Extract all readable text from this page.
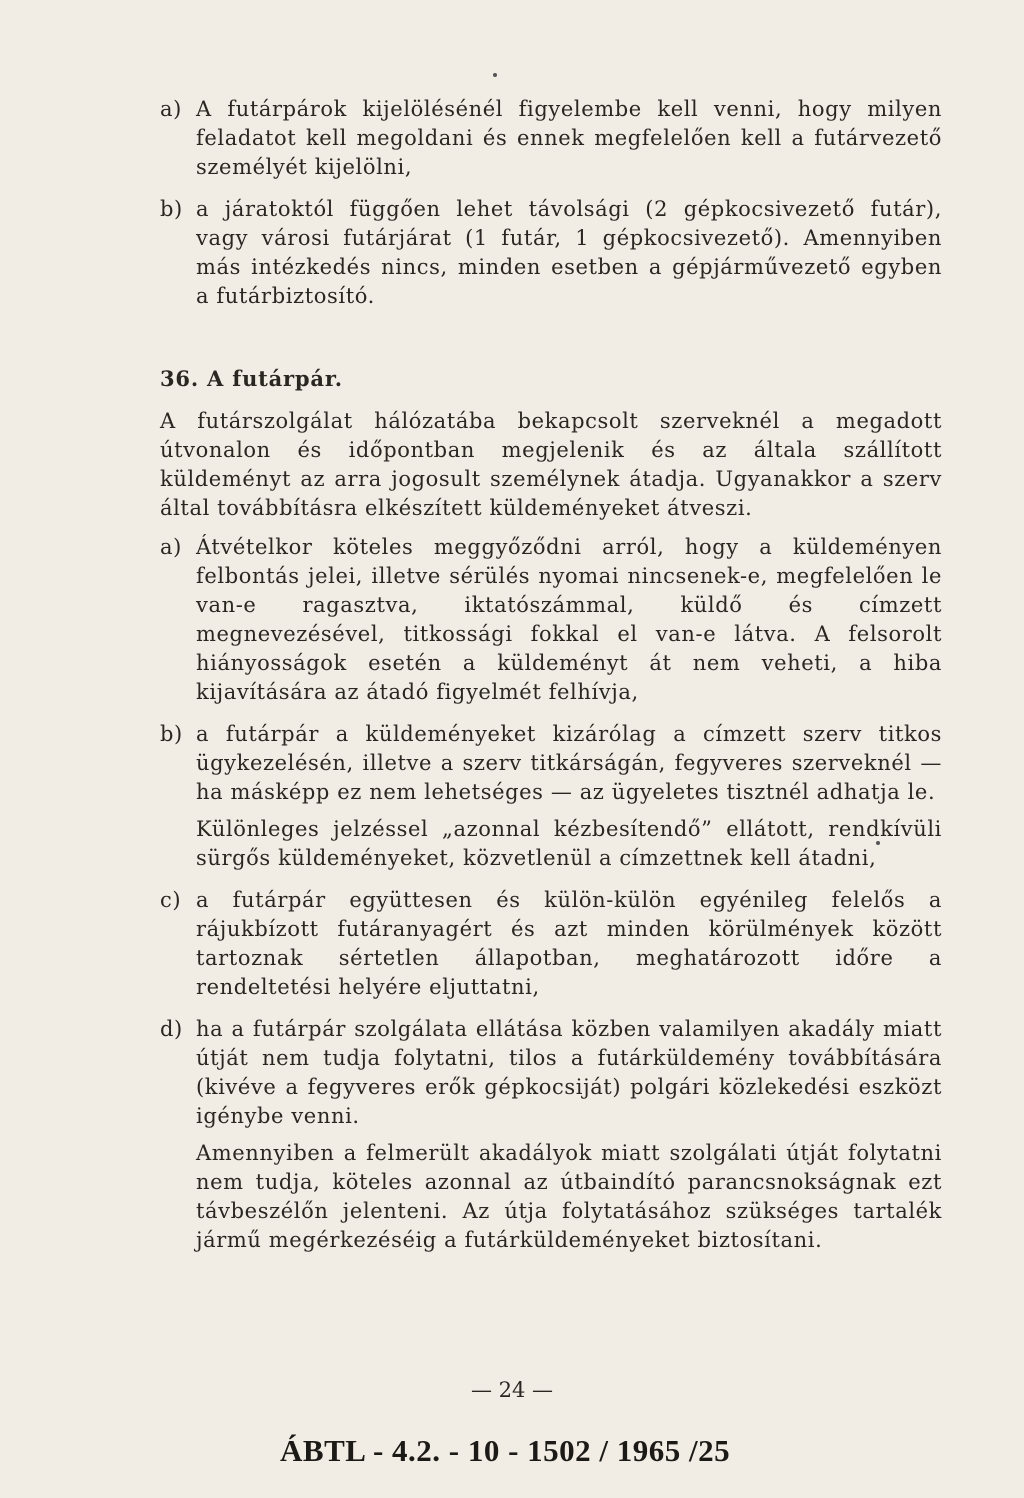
a) A futárpárok kijelölésénél figyelembe kell venni, hogy milyen feladatot kell megoldani és ennek megfelelően kell a futárvezető személyét kijelölni,
b) a járatoktól függően lehet távolsági (2 gépkocsivezető futár), vagy városi futárjárat (1 futár, 1 gépkocsivezető). Amennyiben más intézkedés nincs, minden esetben a gépjárművezető egyben a futárbiztosító.
36. A futárpár.

A futárszolgálat hálózatába bekapcsolt szerveknél a megadott útvonalon és időpontban megjelenik és az általa szállított küldeményt az arra jogosult személynek átadja. Ugyanakkor a szerv által továbbításra elkészített küldeményeket átveszi.

a) Átvételkor köteles meggyőződni arról, hogy a küldeményen felbontás jelei, illetve sérülés nyomai nincsenek-e, megfelelően le van-e ragasztva, iktatószámmal, küldő és címzett megnevezésével, titkossági fokkal el van-e látva. A felsorolt hiányosságok esetén a küldeményt át nem veheti, a hiba kijavítására az átadó figyelmét felhívja,
b) a futárpár a küldeményeket kizárólag a címzett szerv titkos ügykezelésén, illetve a szerv titkárságán, fegyveres szerveknél — ha másképp ez nem lehetséges — az ügyeletes tisztnél adhatja le.

Különleges jelzéssel „azonnal kézbesítendő” ellátott, rendkívüli sürgős küldeményeket, közvetlenül a címzettnek kell átadni,

c) a futárpár együttesen és külön-külön egyénileg felelős a rájukbízott futáranyagért és azt minden körülmények között tartoznak sértetlen állapotban, meghatározott időre a rendeltetési helyére eljuttatni,
d) ha a futárpár szolgálata ellátása közben valamilyen akadály miatt útját nem tudja folytatni, tilos a futárküldemény továbbítására (kivéve a fegyveres erők gépkocsiját) polgári közlekedési eszközt igénybe venni.

Amennyiben a felmerült akadályok miatt szolgálati útját folytatni nem tudja, köteles azonnal az útbaindító parancsnokságnak ezt távbeszélőn jelenteni. Az útja folytatásához szükséges tartalék jármű megérkezéséig a futárküldeményeket biztosítani.

— 24 —
ÁBTL - 4.2. - 10 - 1502 / 1965 /25
